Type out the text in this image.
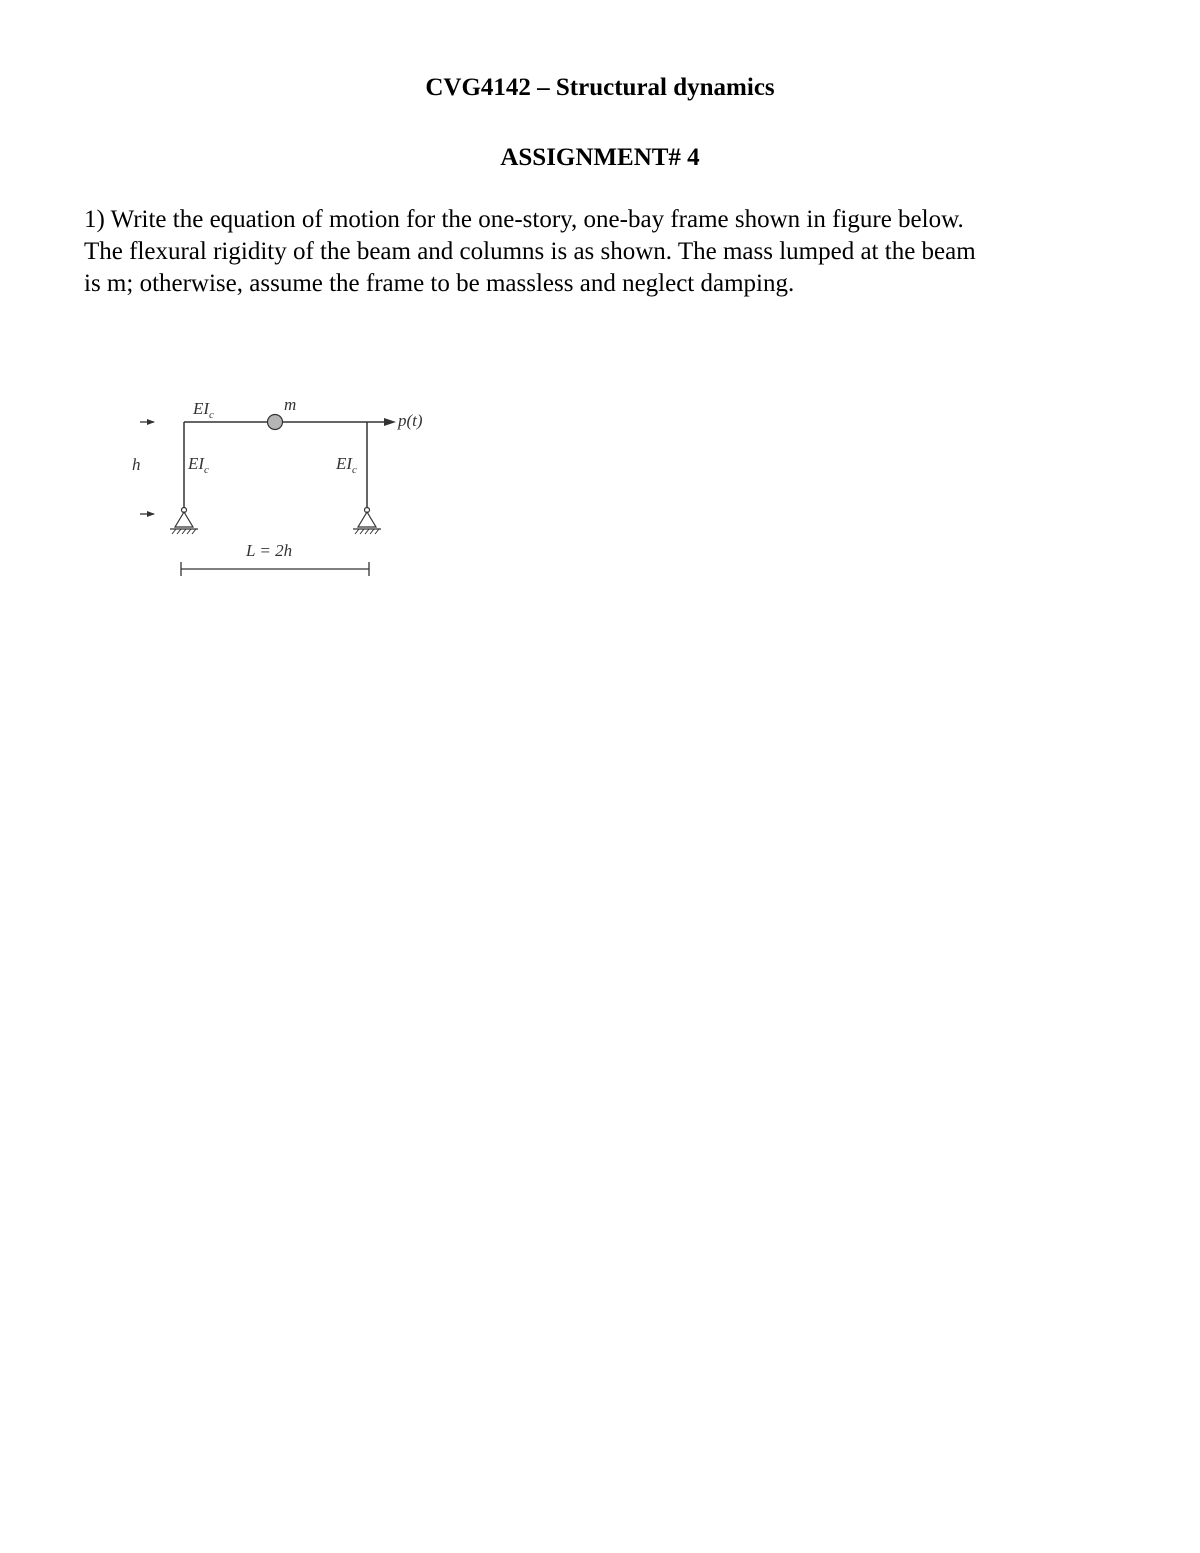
CVG4142 – Structural dynamics
ASSIGNMENT# 4
1) Write the equation of motion for the one-story, one-bay frame shown in figure below.
The flexural rigidity of the beam and columns is as shown. The mass lumped at the beam
is m; otherwise, assume the frame to be massless and neglect damping.
h
p(t)
$EI_c$
m
$EI_c$	$EI_c$
L = 2h
